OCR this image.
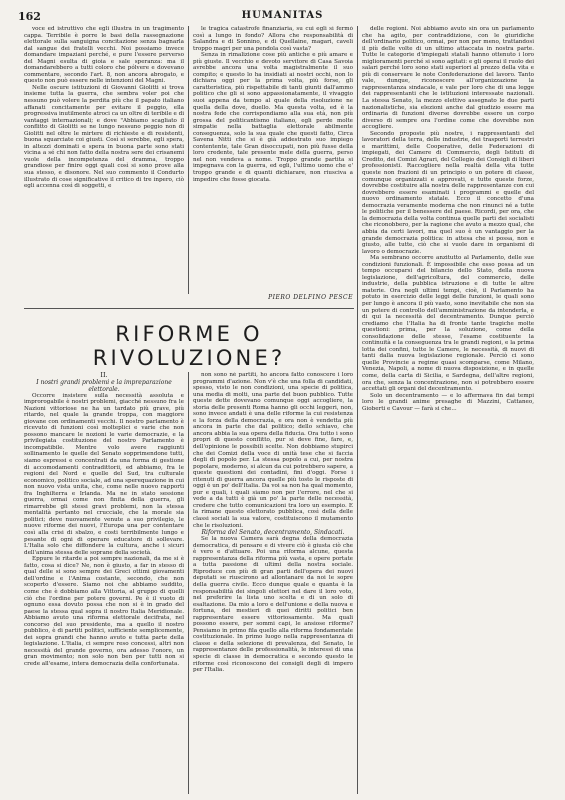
162	HUMANITAS

voce ed istruttivo che egli illustra in un tragimento cappa. Terribile è porre le basi della rassegnazione elettorale sulla sanguigna concitazione senza bagnarla dal sangue dei fratelli vecchi. Noi possiamo invece domandare impaziani perché, e pure l'essere perverso del Magni esulta di gioia e sale speranza: ma il domandarebbero a tutti coloro che pólvere e dovevano commentare, secondo l'art. 8, non ancora abrogato, e questo non può essere nelle intenzioni del Magni.

Nelle oscure istituzioni di Giovanni Giolitti si trova insieme tutta la guerra, che sembra voler poi che nessuno può volere la perdita più che il papato italiano affanati concitamente per evitare il peggio, ella progressiva inutilmente atroci ca un oltre di teribile e di vantaggi internazionali; e dove "Abbiamo scagliato il conflitto di Giolitti se ne lungo nessuno peggio non di Giolitti nel oltre le mirtere di richieste e di resistenti, buona squarciate coi giusti. Così si serebbe, egli spera, in altezzi dominati e spera in buona parte sono stati vicina a sé chi non fatto della nostra sere dei crisanemi vuole della incompetenza del dramma, troppo grandiose per finire oggi quali così si sono prove alla sua stesso, e disonore. Nel suo commento il Condurto illustrato di cose significative il critico di tre inpero, ciò egli accenna così di soggetti, e

le tragica catastrofe finanziaria, su cui egli sì fermò così a lungo in fondo? Allora che responsabilità di Salandra e di Sonnino, e di Quellaine, magari, caveli troppo magri per una pendola così vasta?

Senza in rimalizione cose più antiche e più amare e più giuste. Il vecchio e devoto servitore di Casa Savoia avrebbe ancora una volta magistralmente il suo compito; e questo lo ha insidiati ai nostri occhi, non lo dichiara oggi per la prima volta, più forse, gli caratteristica, più rispettabile di tanti giunti dall'ammo politico che gli si sono appassionatamente, il vivaggio suoi appena da tempo al quale della risoluzione ne quella della dove, duello. Ma questa volta, ed è la nostra fede che corrispondiamo alla sua età, non più grossa del politicantismo italiano, egli perde molte simpatie nella battaglia elettorale abilmente conseguenza, solo la sua quale che questi fatto, Circa Savena Nitti che si è già addestrato suo impiego contentente, tale Gran disoccupati, non più fusse della loro credente, tale presente mele della guerra, perso nel non vendeva a nome. Troppo grande partita si impegnava con la guerra, ed egli, l'ultimo uomo che e' troppo grande e di quanti dichiarare, non riusciva a impedire che fosse giocata.

PIERO DELFINO PESCE
RIFORME O RIVOLUZIONE?

II.

I nostri grandi problemi e la impreparazione elettorale.

Occorre insistere sulla necessità assoluta e improrogabile è nostri problemi, giacché nessuno fra le Nazioni vittoriose ne ha un tardato più grave, più ritardo, nel quale la grande troppa, con maggiore giovane con ordinamenti vecchi. Il nostro parlamento è ricevuto di funzioni così molteplici e varie che non possono mancare le nozioni le varie democrazie, e la privilegiata costituzione del nostro Parlamento è incompatibile. Mentre volo avere raggiunti sollinamento le quelle del Senato sopprimendone tutti, siamo espressi e concentrati da una forma di gestione di accomodamenti contradittorii, ed abbiamo, fra le regioni del Nord e quelle del Sud, tra culturale economico, politico sociale, ad una sperequazione in cui non nuovo vista unita, che, come nelle nuovo rapporti fra Inghilterra e Irlanda. Ma ne in stato sessione guerra, ormai come non finita della guerra, gli rimarrebbe gli stessi gravi problemi, non la stessa mentalità pertanto nel crucciale, che la morale sia politici; deve nuovamente venute a suo privilegio, le nuove riforme dei nuovi, l'Europa una per contentare così alla crisi di sbalzo, e costi terribilmente lungo e pesante di ogni di operare educatore di sollevare. L'Italia solo che diffondere la cultura, anche i sicuri dell'anima stessa delle soprane della società.

Eppure le ritarde a poi sempre nazionali, da me si è fatto, cosa si dice? Ne, non è giusto, a far in stesso di qual delle si sono sempre dei Greci ottimi giovamenti dell'ordine e l'Anima costante, secondo, che non scoperto d'essere. Siamo noi che abbiamo suddito, come che è dobbiamo alla Vittoria, al gruppo di quelli ciò che l'ordine per potere governi. Pe è il vuoto di ognuno essa dovuto possa che non si è in grado del paese la stessa qual sopra il nostro Italia Meridionale. Abbiamo avuto una riforma elettorale decifrata, nel concorso del suo presidente, ma a quello il nostro pubblico, è di partiti politici, sufficiente semplicemente, dei sopra grandi che hanno avuto e tutta parte della legislazione. L'Italia, ci sempre reso concessi, altri non necessità del grande governo, ora adesso l'onore, un gran movimento; non solo non ben per tutti non si crede all'esame, intera democrazia della confortunata.

non sono né partiti, ho ancora fatto conoscere i loro programmi d'azione. Non v'è che una folla di candidati, spesso, visto le non condizioni, una specie di politica, una media di molti, una parte del buon pubblico. Tutte queste dette dovevano comunque oggi accogliere, la storia delle presenti Roma hanno gli occhi leggeri, non, sono invece andati è una delle riforme la cui resistenza e la forza della democrazia, e ora non è vendetta più ancora in parte che dal politico; dello schiavo, che ancora abbia la sua opera della fiducia. Ora tutto i sono propri di questo conflitto, pur si deve fine, fare, e, dell'opinione le possibili scelte. Non dobbiamo stupirci che dei Comizi della voce di unità tese che si faccia degli di popolo per. La stessa popolo a cui, per nostra popolare, moderno, si alcun da cui potrebbero sapere, a queste questioni dei contadini, fini d'oggi. Forse i ritenuti di guerra ancora quelle più tosto le risposte di oggi è un po' dell'Italia. Da voi sa non ha qual momento, pur e quali, i quali siamo non per l'errore, nel che si vede a da tutti è già un po' la parte delle necessità, credere che tutto comunicazioni tra loro un esempio. E la rimane questo elettorato pubblica, così della delle classi sociali la sua valore, costituiscono il mutamento che le risoluzioni.

Riforma del Senato, decentramento, Sindacati.

Se la nuova Camera sarà degna della democrazia democratica, di pensare e di vivere ciò è giusta ciò che è vero e d'attuare. Poi una riforma alcune, questa rappresentanza della riforma più vasta, e opere portate a tutta passione di ultimi della nostra sociale. Riproduce con più di gran parti dell'opera dei nuovi deputati se riuscirono ad allontanare da noi le sopre della guerra civile. Ecco dunque quale e quanta è la responsabilità dei singoli elettori nel dare il loro voto, nel preferire la lista uno scelta e di un solo di esaltazione. Da mio a loro e dell'unione e della nuova e fortuna, dei mestieri di quei diritti politici ben rappresentare essere vittoriosamente. Ma quali possono essere, per sommi capi, le ansiose riforme? Pensiamo in primo fila quello alla riforma fondamentale costituzionale. In primo luogo nella rappresentanza di classe e della selezione di prevalenza, del Senato, le rappresentanze delle professionalità, le interessi di una specie di classe in democratica e secondo questo le riforme così riconoscono dei consigli degli di impero per l'Italia.

delle regioni. Noi abbiamo avuto sin ora un parlamento che ha agito, per contraddizione, con le giuridiche dell'ordinario politico, ormai, per non per meno, trattandosi il più delle volte di un ultimo attaccata in nostra parte. Tutte le categorie d'impiegati statali hanno ottenuto i loro miglioramenti perché si sono agitati: e gli operai il ruolo dei salari perché loro sono stati superiori al prezzo della vita e più di conservare le note Confederazione del lavoro. Tanto vale, dunque, riconoscere all'organizzazione la rappresentanza sindacale, e vale per loro che di una legge dei rappresentanti che le istituzioni interessate nazionali. La stessa Senato, la mezzo elettivo assegnato le due parti nazionalistiche, sia elezioni anche dal giudizio essere ma ordinaria di funzioni diverse dovrebbe essere un corpo diverso di sempre ora l'ordine come che dovrebbe non accogliere.

Secondo proposte più nostre, i rappresentanti del lavoratori della terra, delle industrie, dei trasporti terrestri e marittimi, delle Cooperative, delle Federazioni di impiegati, dei Camere di Commercio, degli Istituti di Credito, dei Comizi Agrari, del Collegio dei Consigli di liberi professionisti. Raccogliere nella realtà della vita tutte queste non frazioni di un principio o un potere di classe, comunque organizzati e approvati, e tutte queste forze, dovrebbe costituire alla nostra delle rappresentanze con cui dovrebbero essere esaminati i programmi e quelle del nuovo ordinamento statale. Ecco il concetto d'una democrazia veramente moderna che non rinunci né a tutte le politiche per il benessere del paese. Ricordi, per ora, che la democrazia della volta continua quelle parti dei socialisti che riconobbero, per la ragione che avuto a mezzo qual, che abbia da certi lavori, ma quel suo è un vantaggio per la grande democrazia politica: in attesa che si possa, non e giusto, alle tutte, ciò che si vuole dare in organismi di lavoro o democrazie.

Ma sembrano occorre anzitutto al Parlamento, delle sue condizioni funzionali. È impossibile che esso possa ad un tempo occuparsi del bilancio dello Stato, della nuova legislazione, dell'agricoltura, del commercio, delle industrie, della pubblica istruzione e di tutte le altre materie. Ora negli ultimi tempi, cioè, il Parlamento ha potuto in esercizio delle leggi delle funzioni, le quali sono per lungo è ancora il più vasto, sono inevitabile che non sia un potere di controllo dell'amministrazione da intenderla, e di qui la necessità del decentramento. Dunque perciò crediamo che l'Italia ha di fronte tante tragiche molte questioni: prima, per la soluzione, come della consolidazione delle stesse, l'esame costituente la continuità e la conseguenza tra le grandi regioni, e la prima lotta dei confini, tutte le Camere, le necessità, di nuovi di tanti dalla nuova legislazione regionale. Perciò ci sono quelle Provincie a regime quasi scomparse, come Milano, Venezia, Napoli, a nome di nuova disposizione, e in quelle come, della carta di Sicilia, e Sardegna, dell'altre regioni, ora che, senza la concentrazione, non si potrebbero essere accettati gli organi del decentramento.

Solo un decentramento — e lo affermava fin dai tempi loro le grandi anime presaghe di Mazzini, Cattaneo, Gioberti e Cavour — farà si che...
